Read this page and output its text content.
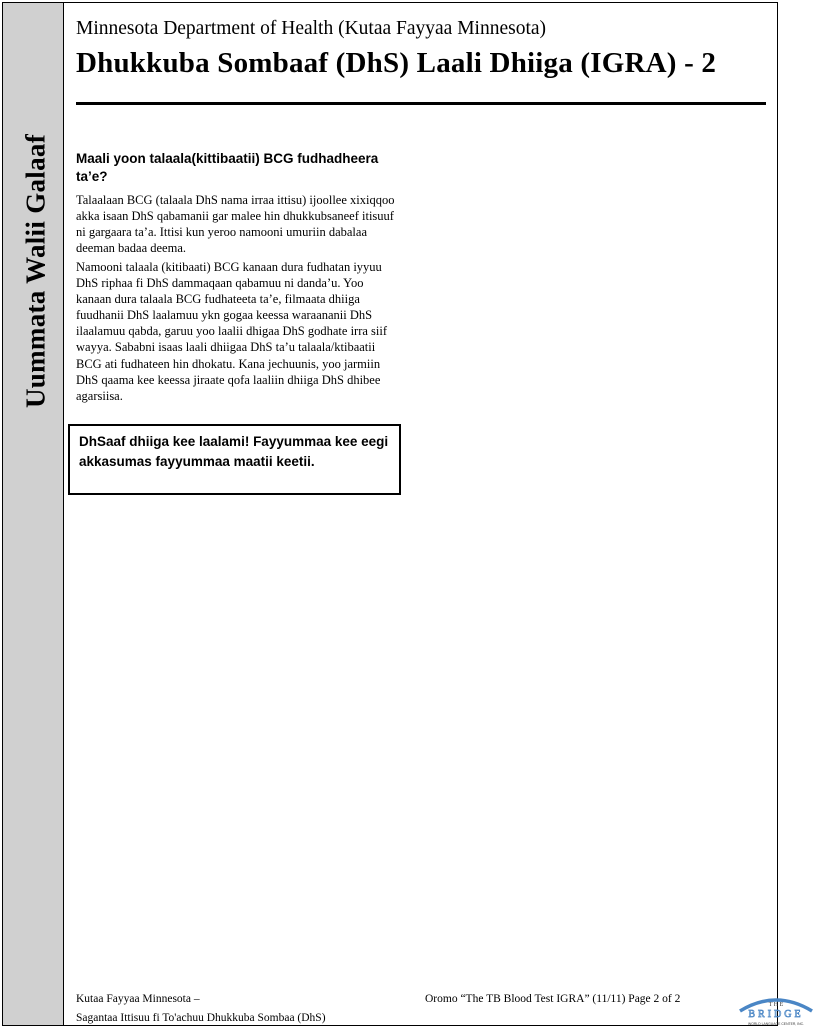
Uummata Walii Galaaf
Minnesota Department of Health (Kutaa Fayyaa Minnesota)
Dhukkuba Sombaaf (DhS) Laali Dhiiga (IGRA) - 2
Maali yoon talaala(kittibaatii) BCG fudhadheera ta’e?

Talaalaan BCG (talaala DhS nama irraa ittisu) ijoollee xixiqqoo akka isaan DhS qabamanii gar malee hin dhukkubsaneef itisuuf ni gargaara ta’a. Ittisi kun yeroo namooni umuriin dabalaa deeman badaa deema.

Namooni talaala (kitibaati) BCG kanaan dura fudhatan iyyuu DhS riphaa fi DhS dammaqaan qabamuu ni danda’u. Yoo kanaan dura talaala BCG fudhateeta ta’e, filmaata dhiiga fuudhanii DhS laalamuu ykn gogaa keessa waraananii DhS ilaalamuu qabda, garuu yoo laalii dhigaa DhS godhate irra siif wayya. Sababni isaas laali dhiigaa DhS ta’u talaala/ktibaatii BCG ati fudhateen hin dhokatu. Kana jechuunis, yoo jarmiin DhS qaama kee keessa jiraate qofa laaliin dhiiga DhS dhibee agarsiisa.

DhSaaf dhiiga kee laalami! Fayyummaa kee eegi akkasumas fayyummaa maatii keetii.
Kutaa Fayyaa Minnesota –
Sagantaa Ittisuu fi To'achuu Dhukkuba Sombaa (DhS)
Oromo “The TB Blood Test IGRA” (11/11) Page 2 of 2	T H E
BRIDGE
WORLD LANGUAGE CENTER, INC.
